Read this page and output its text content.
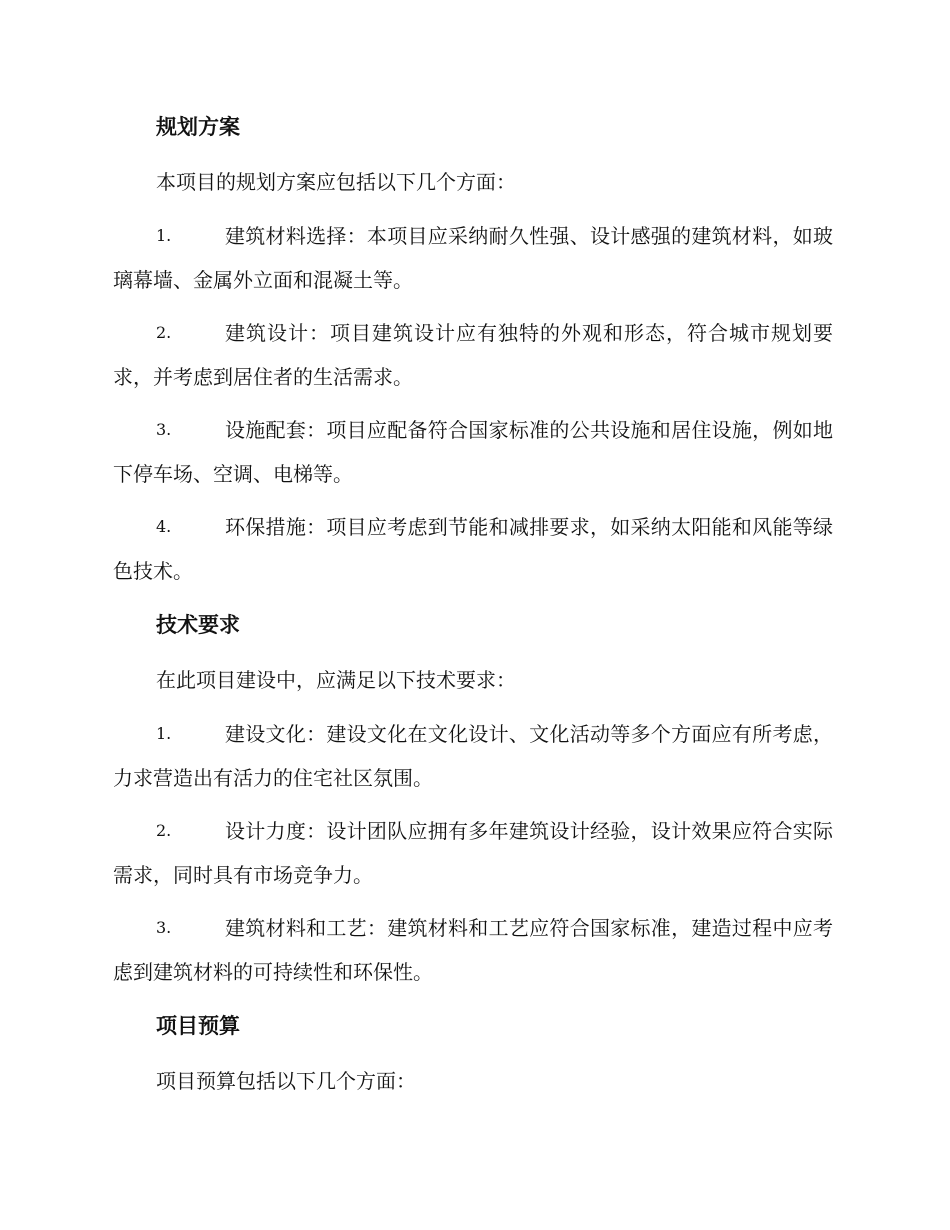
规划方案
本项目的规划方案应包括以下几个方面：
1.	建筑材料选择：本项目应采纳耐久性强、设计感强的建筑材料，如玻璃幕墙、金属外立面和混凝土等。
2.	建筑设计：项目建筑设计应有独特的外观和形态，符合城市规划要求，并考虑到居住者的生活需求。
3.	设施配套：项目应配备符合国家标准的公共设施和居住设施，例如地下停车场、空调、电梯等。
4.	环保措施：项目应考虑到节能和减排要求，如采纳太阳能和风能等绿色技术。
技术要求
在此项目建设中，应满足以下技术要求：
1.	建设文化：建设文化在文化设计、文化活动等多个方面应有所考虑，力求营造出有活力的住宅社区氛围。
2.	设计力度：设计团队应拥有多年建筑设计经验，设计效果应符合实际需求，同时具有市场竞争力。
3.	建筑材料和工艺：建筑材料和工艺应符合国家标准，建造过程中应考虑到建筑材料的可持续性和环保性。
项目预算
项目预算包括以下几个方面：
